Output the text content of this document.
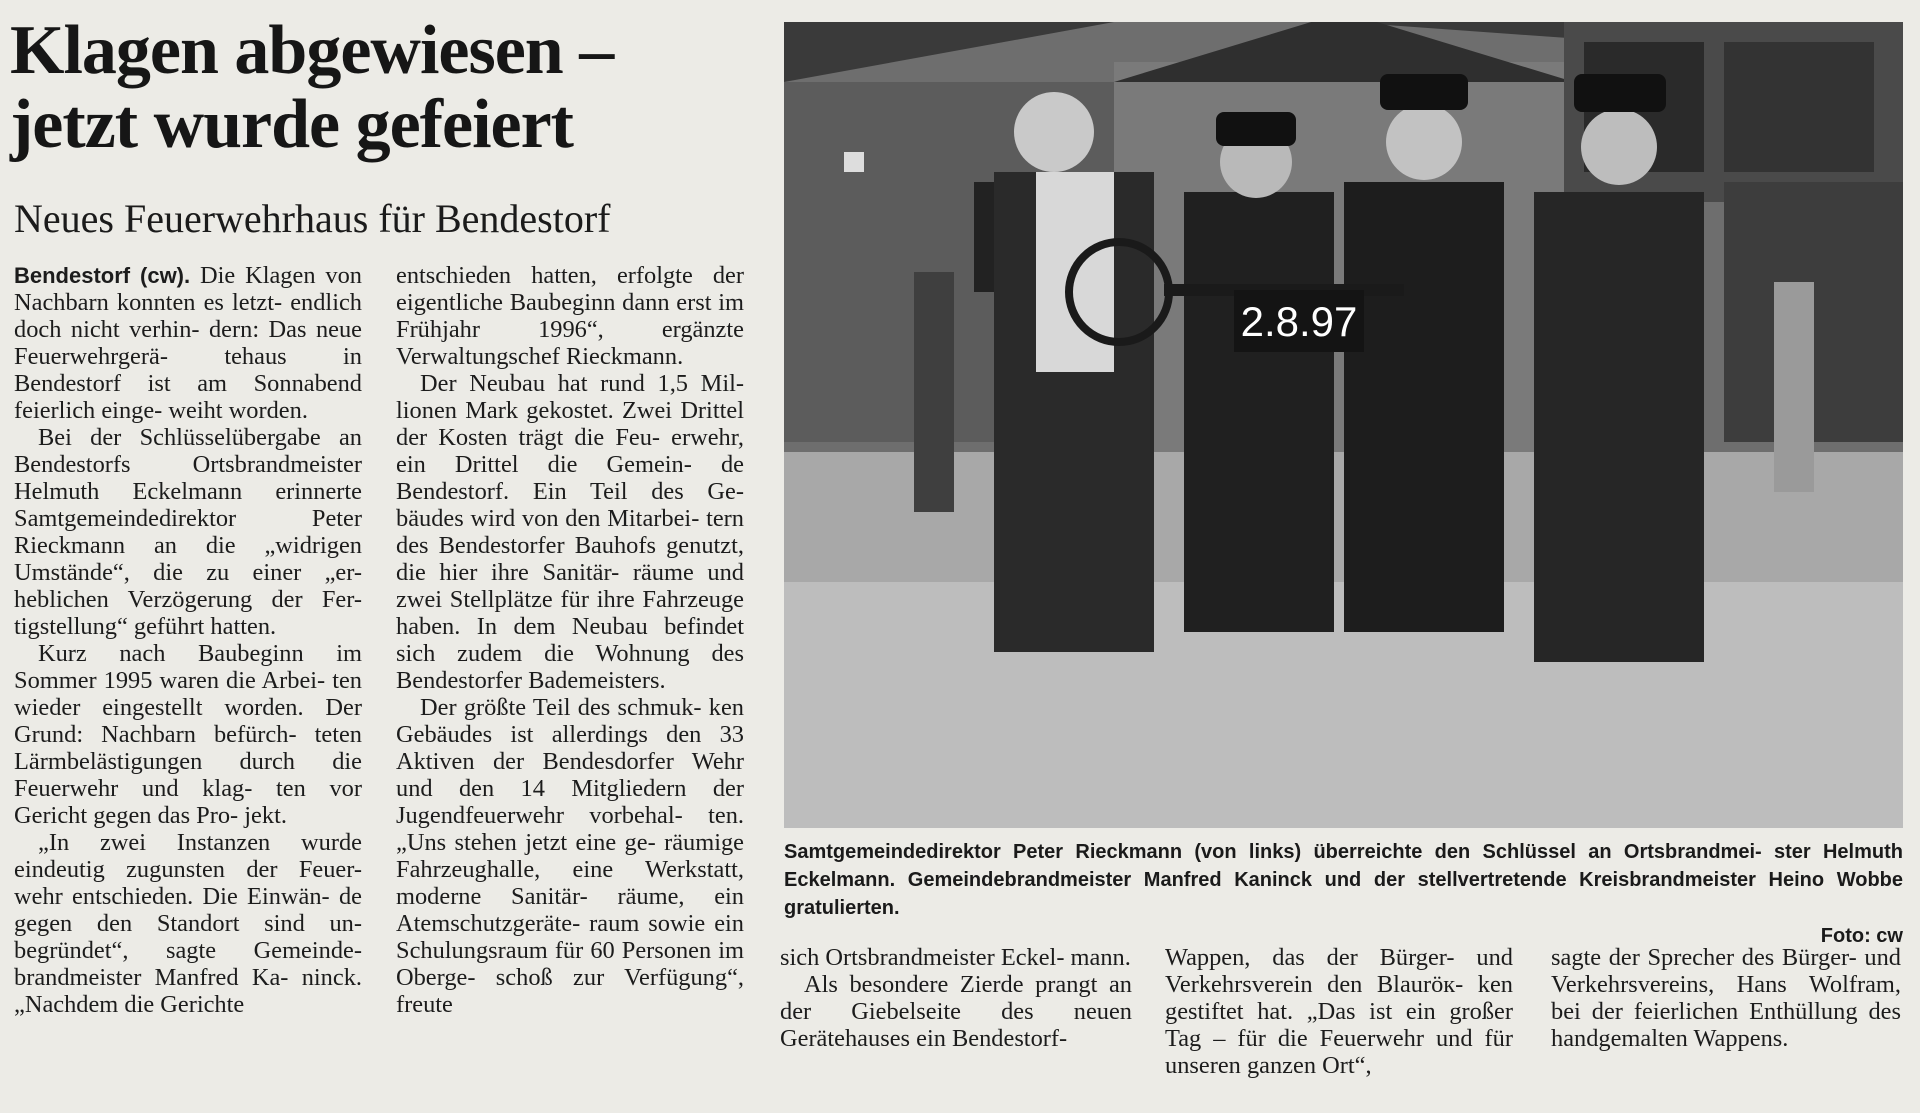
Klagen abgewiesen –
jetzt wurde gefeiert
Neues Feuerwehrhaus für Bendestorf

Bendestorf (cw). Die Klagen von Nachbarn konnten es letzt- endlich doch nicht verhin- dern: Das neue Feuerwehrgerä- tehaus in Bendestorf ist am Sonnabend feierlich einge- weiht worden.

Bei der Schlüsselübergabe an Bendestorfs Ortsbrandmeister Helmuth Eckelmann erinnerte Samtgemeindedirektor Peter Rieckmann an die „widrigen Umstände“, die zu einer „er- heblichen Verzögerung der Fer- tigstellung“ geführt hatten.

Kurz nach Baubeginn im Sommer 1995 waren die Arbei- ten wieder eingestellt worden. Der Grund: Nachbarn befürch- teten Lärmbelästigungen durch die Feuerwehr und klag- ten vor Gericht gegen das Pro- jekt.

„In zwei Instanzen wurde eindeutig zugunsten der Feuer- wehr entschieden. Die Einwän- de gegen den Standort sind un- begründet“, sagte Gemeinde- brandmeister Manfred Ka- ninck. „Nachdem die Gerichte

entschieden hatten, erfolgte der eigentliche Baubeginn dann erst im Frühjahr 1996“, ergänzte Verwaltungschef Rieckmann.

Der Neubau hat rund 1,5 Mil- lionen Mark gekostet. Zwei Drittel der Kosten trägt die Feu- erwehr, ein Drittel die Gemein- de Bendestorf. Ein Teil des Ge- bäudes wird von den Mitarbei- tern des Bendestorfer Bauhofs genutzt, die hier ihre Sanitär- räume und zwei Stellplätze für ihre Fahrzeuge haben. In dem Neubau befindet sich zudem die Wohnung des Bendestorfer Bademeisters.

Der größte Teil des schmuk- ken Gebäudes ist allerdings den 33 Aktiven der Bendesdorfer Wehr und den 14 Mitgliedern der Jugendfeuerwehr vorbehal- ten. „Uns stehen jetzt eine ge- räumige Fahrzeughalle, eine Werkstatt, moderne Sanitär- räume, ein Atemschutzgeräte- raum sowie ein Schulungsraum für 60 Personen im Oberge- schoß zur Verfügung“, freute

2.8.97
Samtgemeindedirektor Peter Rieckmann (von links) überreichte den Schlüssel an Ortsbrandmei- ster Helmuth Eckelmann. Gemeindebrandmeister Manfred Kaninck und der stellvertretende Kreisbrandmeister Heino Wobbe gratulierten.
Foto: cw

sich Ortsbrandmeister Eckel- mann.

Als besondere Zierde prangt an der Giebelseite des neuen Gerätehauses ein Bendestorf-

Wappen, das der Bürger- und Verkehrsverein den Blauröк- ken gestiftet hat. „Das ist ein großer Tag – für die Feuerwehr und für unseren ganzen Ort“,

sagte der Sprecher des Bürger- und Verkehrsvereins, Hans Wolfram, bei der feierlichen Enthüllung des handgemalten Wappens.
